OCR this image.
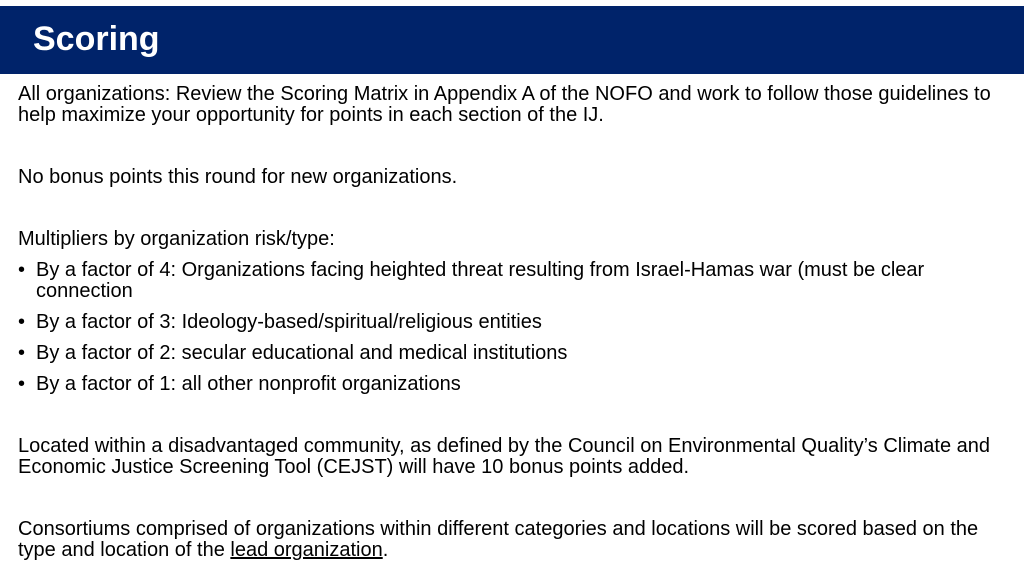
Scoring

All organizations: Review the Scoring Matrix in Appendix A of the NOFO and work to follow those guidelines to help maximize your opportunity for points in each section of the IJ.

No bonus points this round for new organizations.

Multipliers by organization risk/type:

• By a factor of 4: Organizations facing heighted threat resulting from Israel-Hamas war (must be clear connection
• By a factor of 3: Ideology-based/spiritual/religious entities
• By a factor of 2: secular educational and medical institutions
• By a factor of 1: all other nonprofit organizations

Located within a disadvantaged community, as defined by the Council on Environmental Quality’s Climate and Economic Justice Screening Tool (CEJST) will have 10 bonus points added.

Consortiums comprised of organizations within different categories and locations will be scored based on the type and location of the lead organization.
